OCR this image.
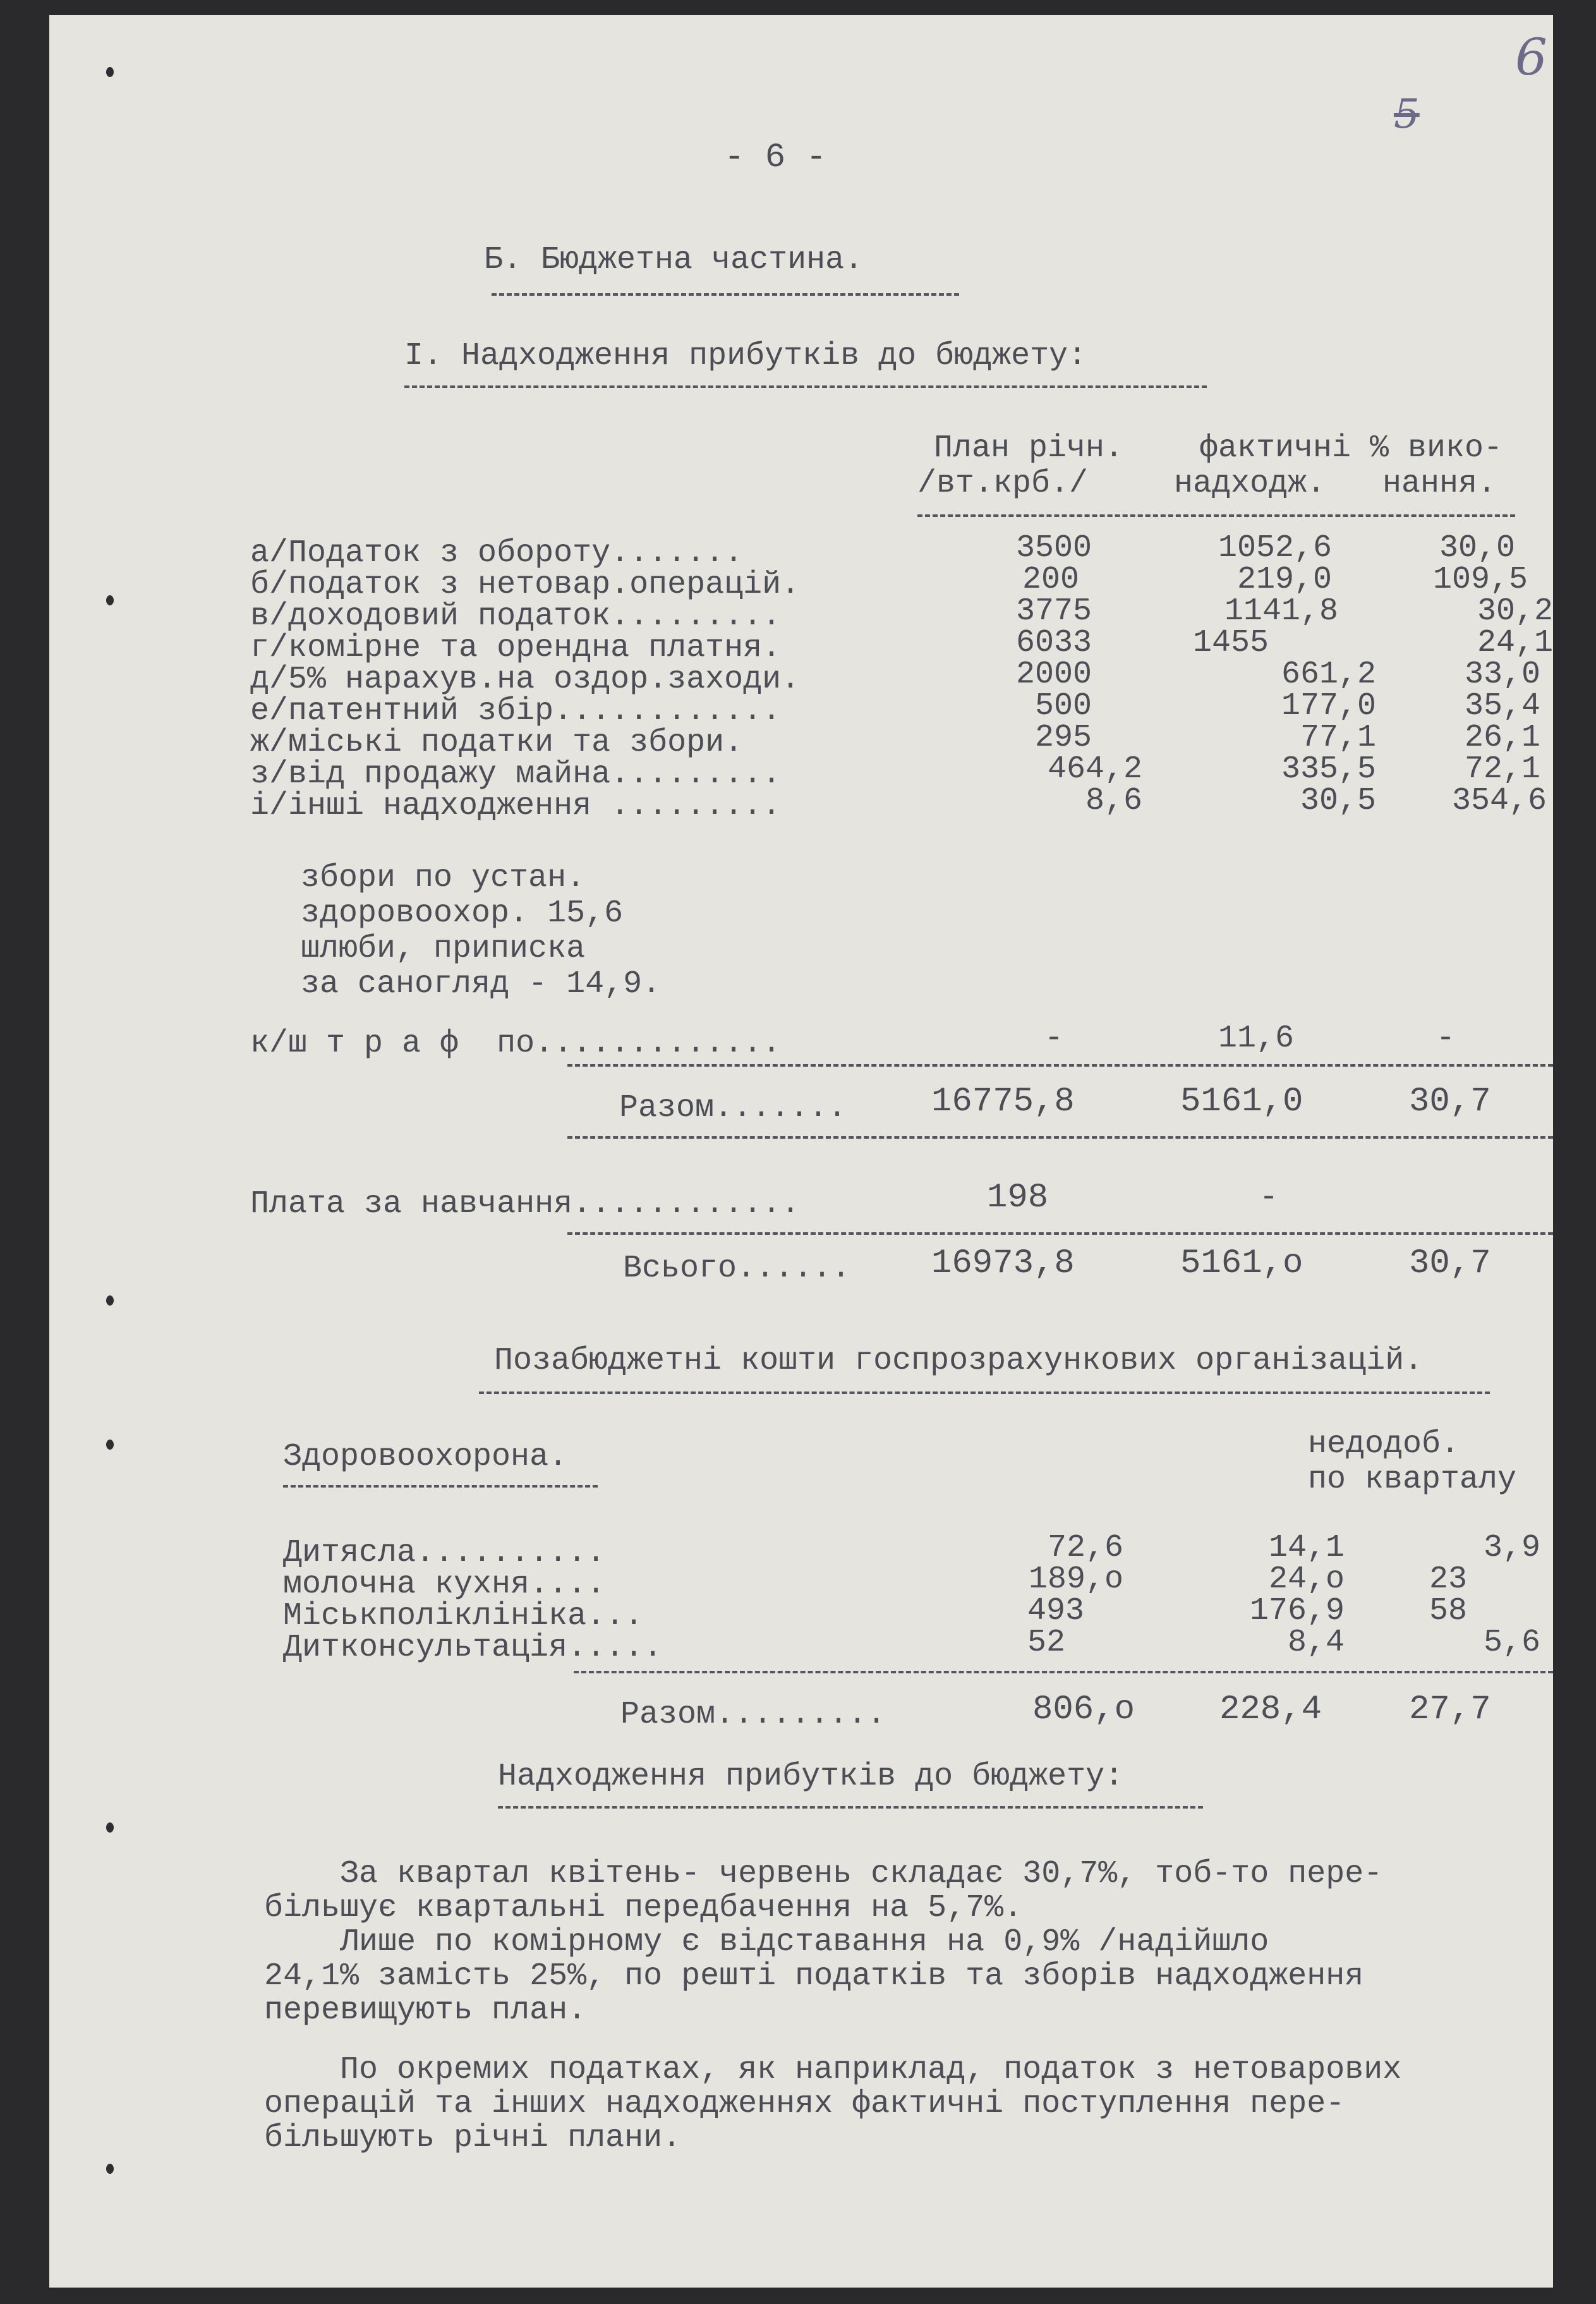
6
5
- 6 -
Б. Бюджетна частина.
I. Надходження прибутків до бюджету:
План річн.
/вт.крб./
фактичні
надходж.
% вико-
нання.
а/Податок з обороту.......	3500	1052,6	30,0
б/податок з нетовар.операцій.	200	219,0	109,5
в/доходовий податок.........	3775	1141,8	30,2
г/комірне та орендна платня.	6033	1455	24,1
д/5% нарахув.на оздор.заходи.	2000	661,2	33,0
е/патентний збір............	500	177,0	35,4
ж/міські податки та збори.	295	77,1	26,1
з/від продажу майна.........	464,2	335,5	72,1
і/інші надходження .........	8,6	30,5	354,6
збори по устан.
здоровоохор. 15,6
шлюби, приписка
за саногляд - 14,9.
к/ш т р а ф  по.............	-	11,6	-
Разом....... 16775,8	5161,0	30,7
Плата за навчання............	198	-
Всього...... 16973,8	5161,о	30,7
Позабюджетні кошти госпрозрахункових організацій.
Здоровоохорона.	недодоб.
по кварталу
Дитясла..........	72,6	14,1	3,9
молочна кухня....	189,о	24,о	23
Міськполіклініка...	493	176,9	58
Дитконсультація.....	52	8,4	5,6
Разом.........	806,о 228,4	27,7
Надходження прибутків до бюджету:
За квартал квітень- червень складає 30,7%, тоб-то пере-
більшує квартальні передбачення на 5,7%.
Лише по комірному є відставання на 0,9% /надійшло
24,1% замість 25%, по решті податків та зборів надходження
перевищують план.
По окремих податках, як наприклад, податок з нетоварових
операцій та інших надходженнях фактичні поступлення пере-
більшують річні плани.
